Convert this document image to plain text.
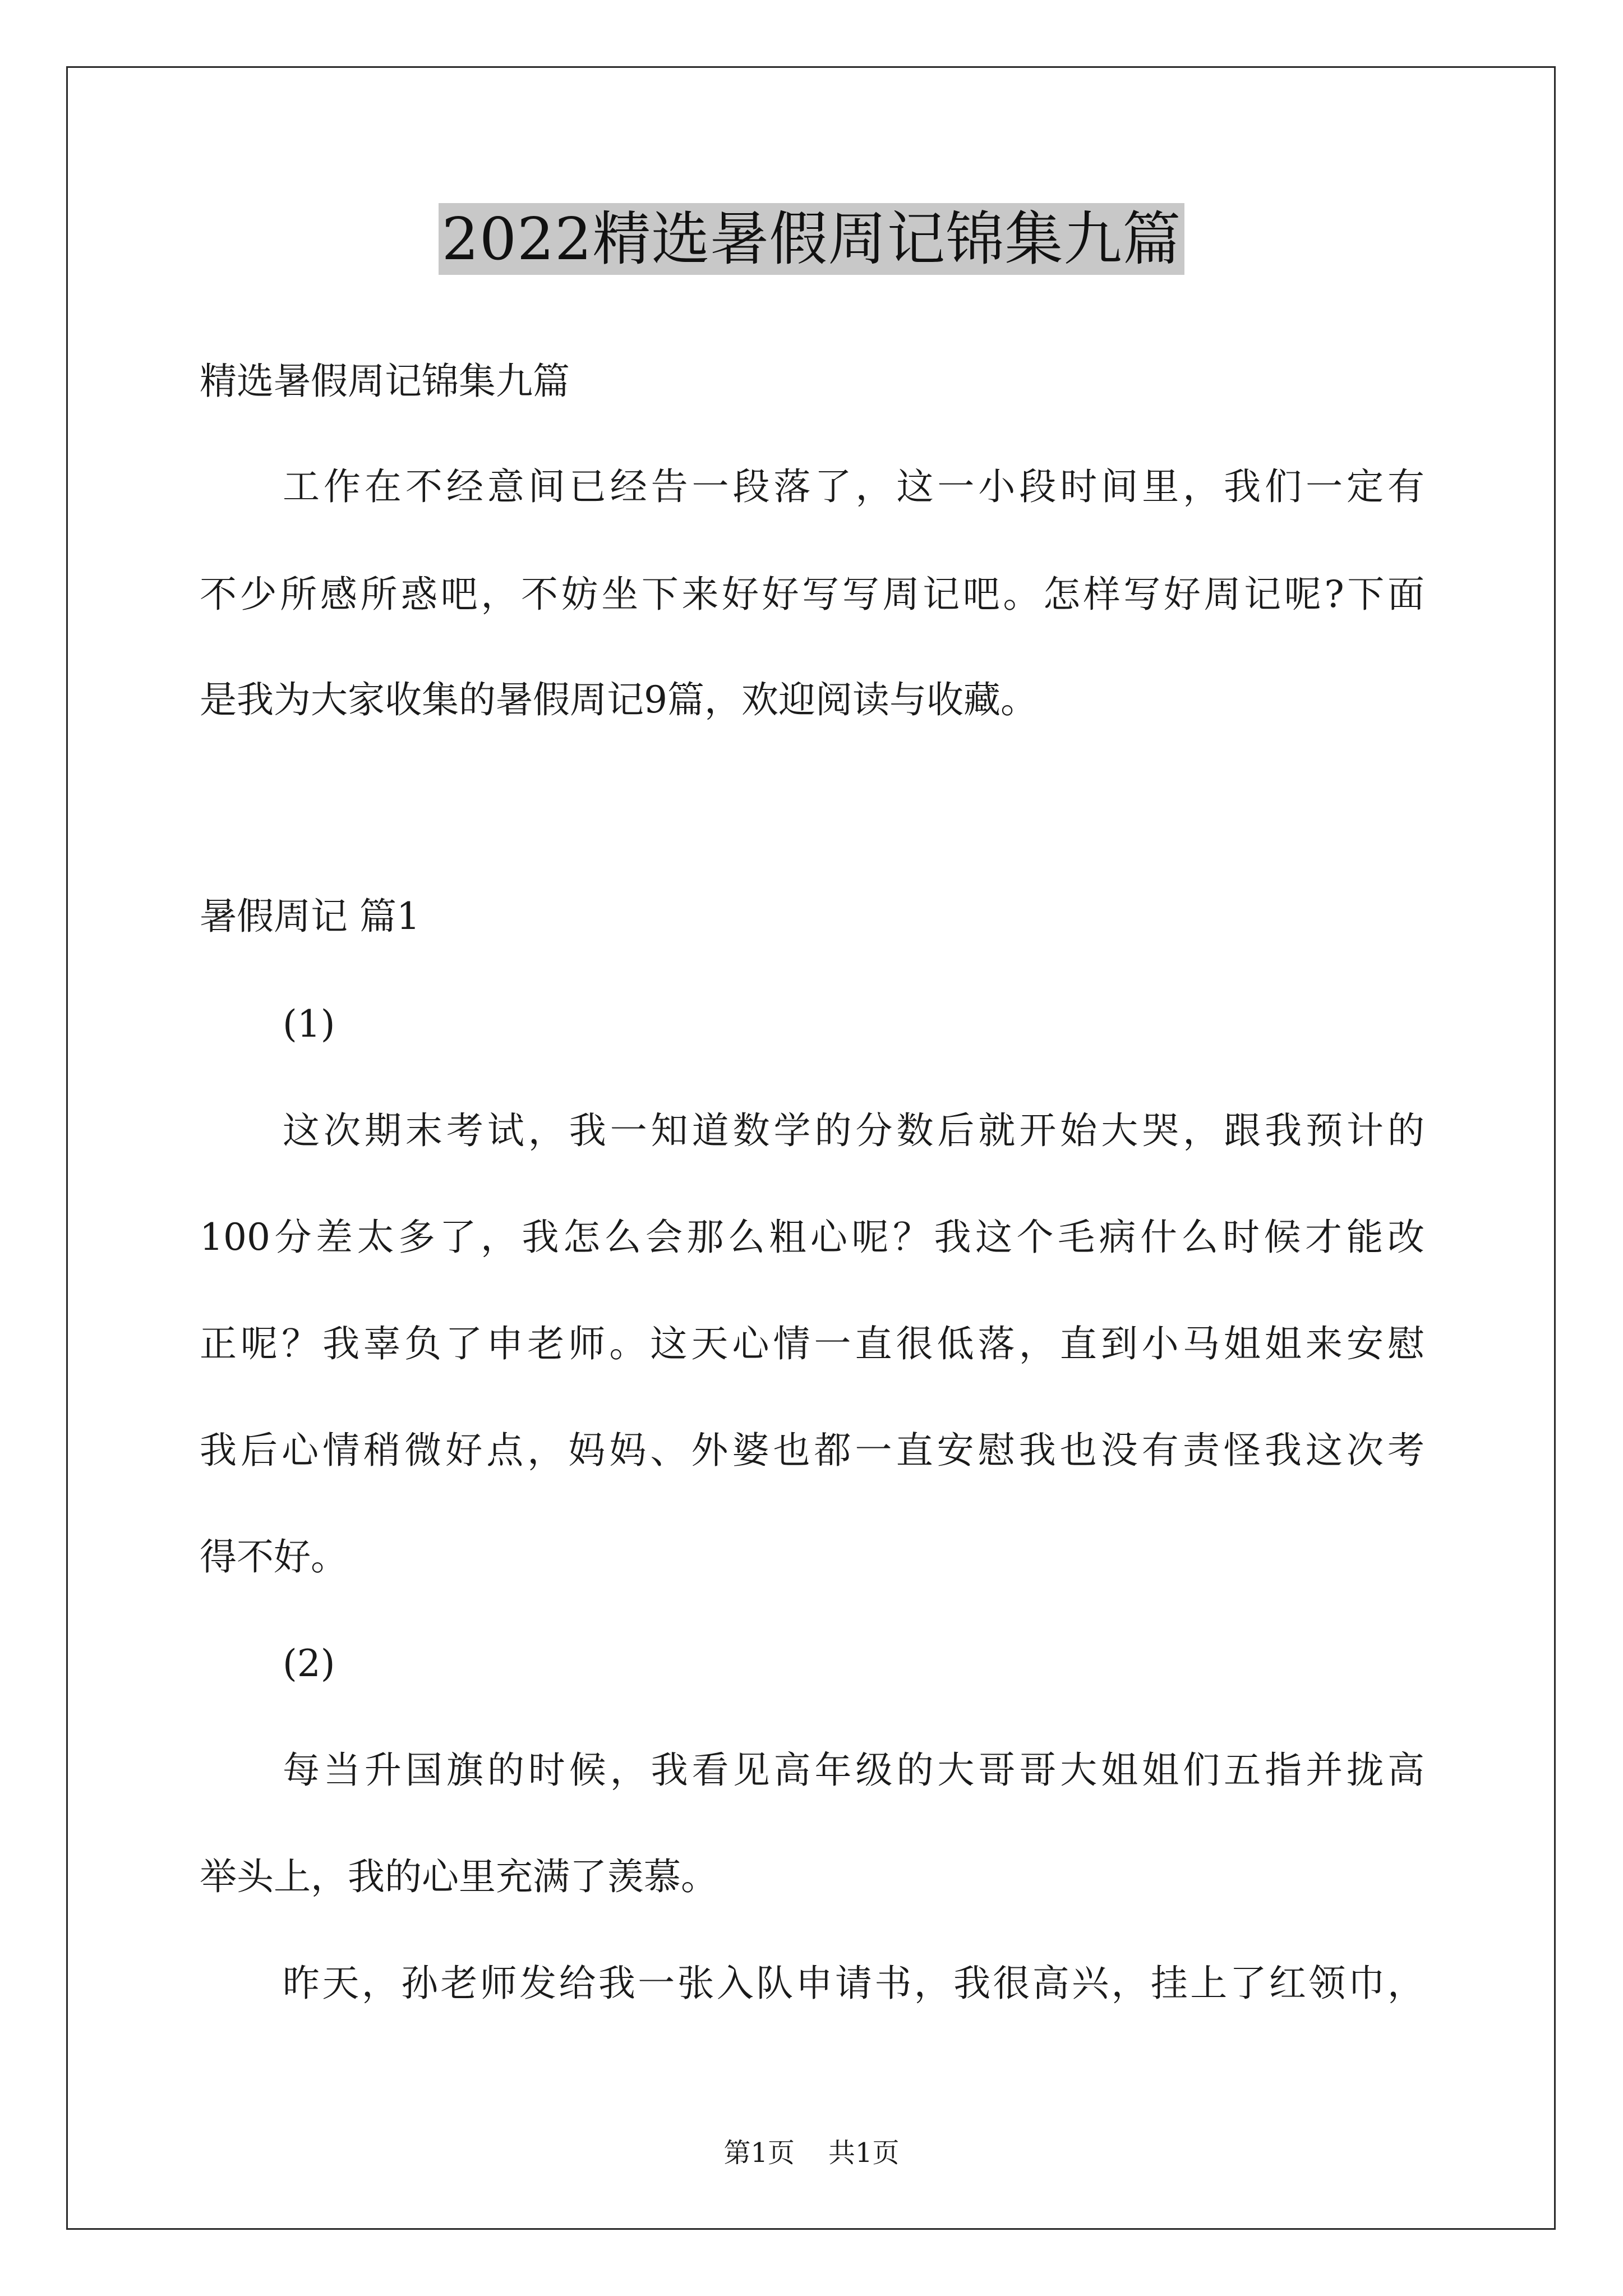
2022精选暑假周记锦集九篇
精选暑假周记锦集九篇
工作在不经意间已经告一段落了，这一小段时间里，我们一定有
不少所感所惑吧，不妨坐下来好好写写周记吧。怎样写好周记呢?下面
是我为大家收集的暑假周记9篇，欢迎阅读与收藏。
暑假周记 篇1
(1)
这次期末考试，我一知道数学的分数后就开始大哭，跟我预计的
100分差太多了，我怎么会那么粗心呢？我这个毛病什么时候才能改
正呢？我辜负了申老师。这天心情一直很低落，直到小马姐姐来安慰
我后心情稍微好点，妈妈、外婆也都一直安慰我也没有责怪我这次考
得不好。
(2)
每当升国旗的时候，我看见高年级的大哥哥大姐姐们五指并拢高
举头上，我的心里充满了羡慕。
昨天，孙老师发给我一张入队申请书，我很高兴，挂上了红领巾，
第1页 共1页
